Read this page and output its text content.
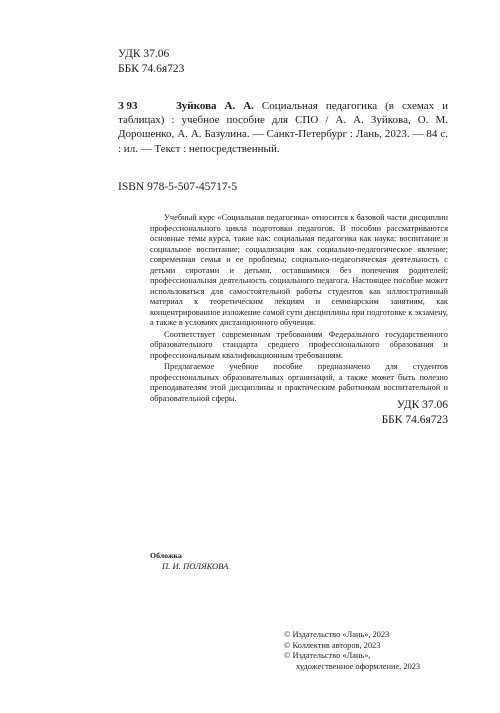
УДК 37.06
ББК 74.6я723
З 93	Зуйкова А. А. Социальная педагогика (в схемах и таблицах) : учебное пособие для СПО / А. А. Зуйкова, О. М. Дорошенко, А. А. Базулина. — Санкт-Петербург : Лань, 2023. — 84 с. : ил. — Текст : непосредственный.
ISBN 978-5-507-45717-5

Учебный курс «Социальная педагогика» относится к базовой части дисциплин профессионального цикла подготовки педагогов. В пособии рассматриваются основные темы курса, такие как: социальная педагогика как наука; воспитание и социальное воспитание; социализация как социально-педагогическое явление; современная семья и ее проблемы; социально-педагогическая деятельность с детьми сиротами и детьми, оставшимися без попечения родителей; профессиональная деятельность социального педагога. Настоящее пособие может использоваться для самостоятельной работы студентов как иллюстративный материал к теоретическим лекциям и семинарским занятиям, как концентрированное изложение самой сути дисциплины при подготовке к экзамену, а также в условиях дистанционного обучения.

Соответствует современным требованиям Федерального государственного образовательного стандарта среднего профессионального образования и профессиональным квалификационным требованиям.

Предлагаемое учебное пособие предназначено для студентов профессиональных образовательных организаций, а также может быть полезно преподавателям этой дисциплины и практическим работникам воспитательной и образовательной сферы.

УДК 37.06
ББК 74.6я723
Обложка
П. И. ПОЛЯКОВА
© Издательство «Лань», 2023
© Коллектив авторов, 2023
© Издательство «Лань»,
художественное оформление, 2023
